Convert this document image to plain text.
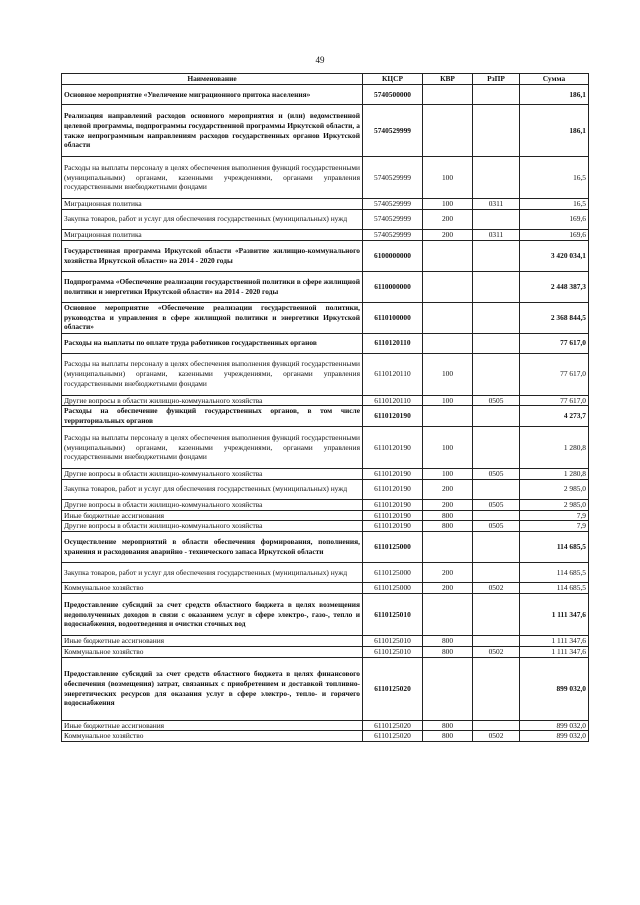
49
Наименование	КЦСР	КВР	РзПР	Сумма
Основное мероприятие «Увеличение миграционного притока населения»	5740500000			186,1
Реализация направлений расходов основного мероприятия и (или) ведомственной целевой программы, подпрограммы государственной программы Иркутской области, а также непрограммным направлениям расходов государственных органов Иркутской области	5740529999			186,1
Расходы на выплаты персоналу в целях обеспечения выполнения функций государственными (муниципальными) органами, казенными учреждениями, органами управления государственными внебюджетными фондами	5740529999	100		16,5
Миграционная политика	5740529999	100	0311	16,5
Закупка товаров, работ и услуг для обеспечения государственных (муниципальных) нужд	5740529999	200		169,6
Миграционная политика	5740529999	200	0311	169,6
Государственная программа Иркутской области «Развитие жилищно-коммунального хозяйства Иркутской области» на 2014 - 2020 годы	6100000000			3 420 034,1
Подпрограмма «Обеспечение реализации государственной политики в сфере жилищной политики и энергетики Иркутской области» на 2014 - 2020 годы	6110000000			2 448 387,3
Основное мероприятие «Обеспечение реализации государственной политики, руководства и управления в сфере жилищной политики и энергетики Иркутской области»	6110100000			2 368 844,5
Расходы на выплаты по оплате труда работников государственных органов	6110120110			77 617,0
Расходы на выплаты персоналу в целях обеспечения выполнения функций государственными (муниципальными) органами, казенными учреждениями, органами управления государственными внебюджетными фондами	6110120110	100		77 617,0
Другие вопросы в области жилищно-коммунального хозяйства	6110120110	100	0505	77 617,0
Расходы на обеспечение функций государственных органов, в том числе территориальных органов	6110120190			4 273,7
Расходы на выплаты персоналу в целях обеспечения выполнения функций государственными (муниципальными) органами, казенными учреждениями, органами управления государственными внебюджетными фондами	6110120190	100		1 280,8
Другие вопросы в области жилищно-коммунального хозяйства	6110120190	100	0505	1 280,8
Закупка товаров, работ и услуг для обеспечения государственных (муниципальных) нужд	6110120190	200		2 985,0
Другие вопросы в области жилищно-коммунального хозяйства	6110120190	200	0505	2 985,0
Иные бюджетные ассигнования	6110120190	800		7,9
Другие вопросы в области жилищно-коммунального хозяйства	6110120190	800	0505	7,9
Осуществление мероприятий в области обеспечения формирования, пополнения, хранения и расходования аварийно - технического запаса Иркутской области	6110125000			114 685,5
Закупка товаров, работ и услуг для обеспечения государственных (муниципальных) нужд	6110125000	200		114 685,5
Коммунальное хозяйство	6110125000	200	0502	114 685,5
Предоставление субсидий за счет средств областного бюджета в целях возмещения недополученных доходов в связи с оказанием услуг в сфере электро-, газо-, тепло и водоснабжения, водоотведения и очистки сточных вод	6110125010			1 111 347,6
Иные бюджетные ассигнования	6110125010	800		1 111 347,6
Коммунальное хозяйство	6110125010	800	0502	1 111 347,6
Предоставление субсидий за счет средств областного бюджета в целях финансового обеспечения (возмещения) затрат, связанных с приобретением и доставкой топливно-энергетических ресурсов для оказания услуг в сфере электро-, тепло- и горячего водоснабжения	6110125020			899 032,0
Иные бюджетные ассигнования	6110125020	800		899 032,0
Коммунальное хозяйство	6110125020	800	0502	899 032,0
